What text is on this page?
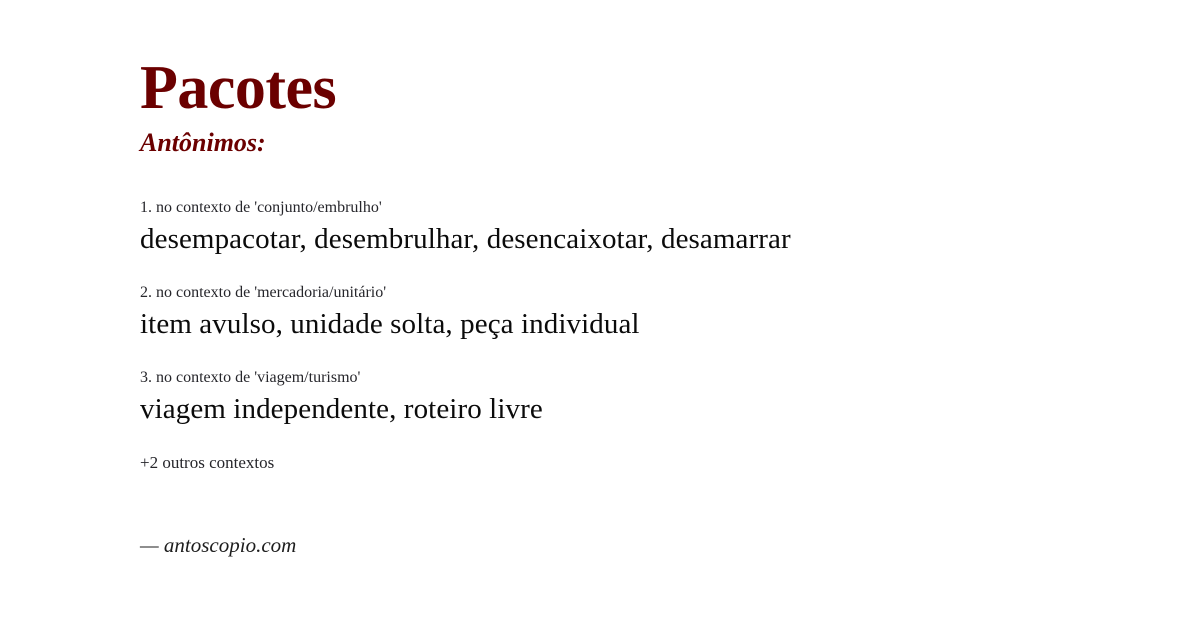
Pacotes
Antônimos:
1. no contexto de 'conjunto/embrulho'
desempacotar, desembrulhar, desencaixotar, desamarrar
2. no contexto de 'mercadoria/unitário'
item avulso, unidade solta, peça individual
3. no contexto de 'viagem/turismo'
viagem independente, roteiro livre
+2 outros contextos
— antoscopio.com
